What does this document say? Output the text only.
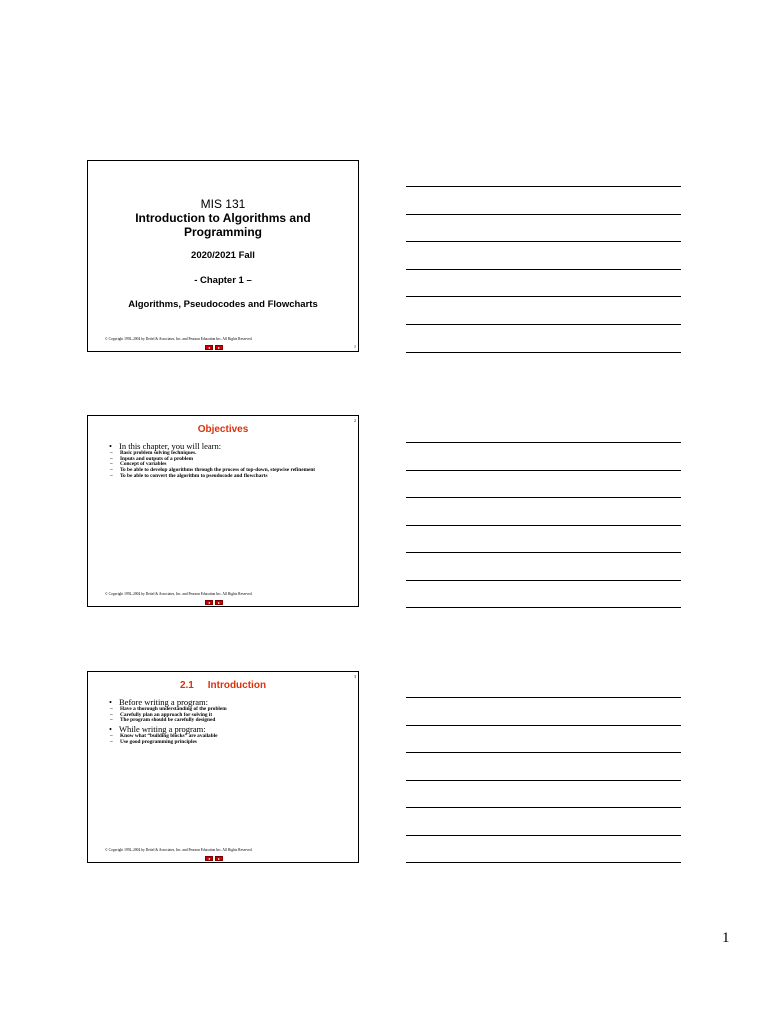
MIS 131
Introduction to Algorithms and
Programming
2020/2021 Fall
- Chapter 1 –
Algorithms, Pseudocodes and Flowcharts
© Copyright 1992–2004 by Deitel & Associates, Inc. and Pearson Education Inc. All Rights Reserved.
1
2
Objectives
• In this chapter, you will learn:
– Basic problem solving techniques.
– Inputs and outputs of a problem
– Concept of variables
– To be able to develop algorithms through the process of top-down, stepwise refinement
– To be able to convert the algorithm to pseudocode and flowcharts
© Copyright 1992–2004 by Deitel & Associates, Inc. and Pearson Education Inc. All Rights Reserved.
3
2.1     Introduction
• Before writing a program:
– Have a thorough understanding of the problem
– Carefully plan an approach for solving it
– The program should be carefully designed
• While writing a program:
– Know what “building blocks” are available
– Use good programming principles
© Copyright 1992–2004 by Deitel & Associates, Inc. and Pearson Education Inc. All Rights Reserved.
1
